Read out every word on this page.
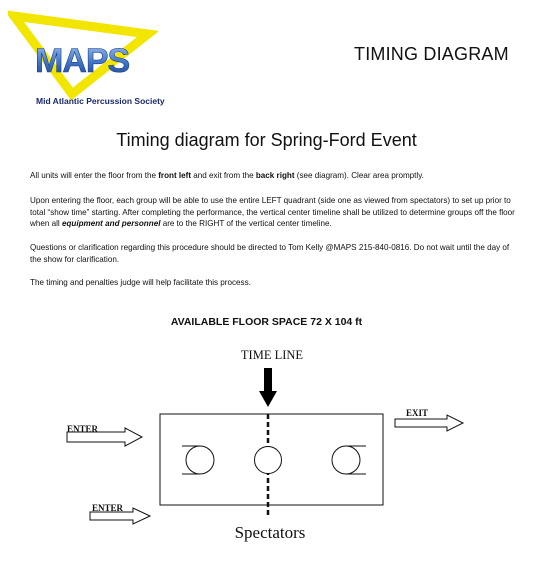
MAPS
Mid Atlantic Percussion Society
TIMING DIAGRAM
Timing diagram for Spring-Ford Event
All units will enter the floor from the front left and exit from the back right (see diagram). Clear area promptly.
Upon entering the floor, each group will be able to use the entire LEFT quadrant (side one as viewed from spectators) to set up prior to total “show time” starting. After completing the performance, the vertical center timeline shall be utilized to determine groups off the floor when all equipment and personnel are to the RIGHT of the vertical center timeline.
Questions or clarification regarding this procedure should be directed to Tom Kelly @MAPS 215-840-0816. Do not wait until the day of the show for clarification.
The timing and penalties judge will help facilitate this process.
AVAILABLE FLOOR SPACE 72 X 104 ft
TIME LINE
ENTER
ENTER
EXIT
Spectators
